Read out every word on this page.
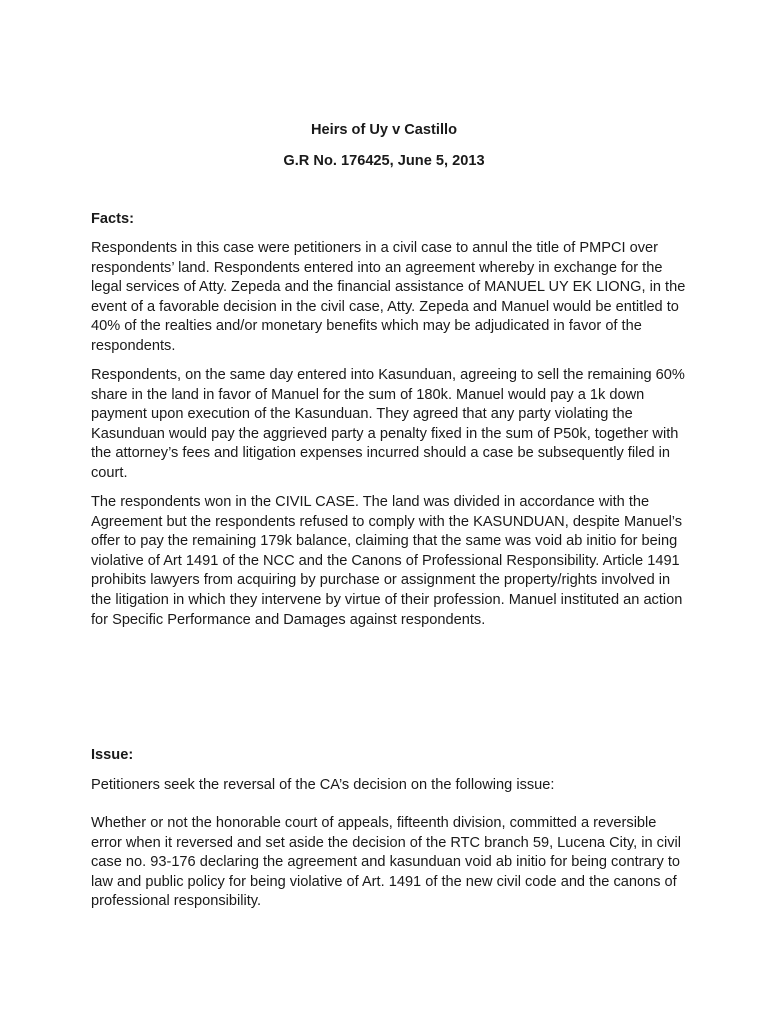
Heirs of Uy v Castillo

G.R No. 176425, June 5, 2013

Facts:

Respondents in this case were petitioners in a civil case to annul the title of PMPCI over respondents’ land. Respondents entered into an agreement whereby in exchange for the legal services of Atty. Zepeda and the financial assistance of MANUEL UY EK LIONG, in the event of a favorable decision in the civil case, Atty. Zepeda and Manuel would be entitled to 40% of the realties and/or monetary benefits which may be adjudicated in favor of the respondents.

Respondents, on the same day entered into Kasunduan, agreeing to sell the remaining 60% share in the land in favor of Manuel for the sum of 180k. Manuel would pay a 1k down payment upon execution of the Kasunduan. They agreed that any party violating the Kasunduan would pay the aggrieved party a penalty fixed in the sum of P50k, together with the attorney’s fees and litigation expenses incurred should a case be subsequently filed in court.

The respondents won in the CIVIL CASE. The land was divided in accordance with the Agreement but the respondents refused to comply with the KASUNDUAN, despite Manuel’s offer to pay the remaining 179k balance, claiming that the same was void ab initio for being violative of Art 1491 of the NCC and the Canons of Professional Responsibility. Article 1491 prohibits lawyers from acquiring by purchase or assignment the property/rights involved in the litigation in which they intervene by virtue of their profession. Manuel instituted an action for Specific Performance and Damages against respondents.

Issue:

Petitioners seek the reversal of the CA’s decision on the following issue:

Whether or not the honorable court of appeals, fifteenth division, committed a reversible error when it reversed and set aside the decision of the RTC branch 59, Lucena City, in civil case no. 93-176 declaring the agreement and kasunduan void ab initio for being contrary to law and public policy for being violative of Art. 1491 of the new civil code and the canons of professional responsibility.
